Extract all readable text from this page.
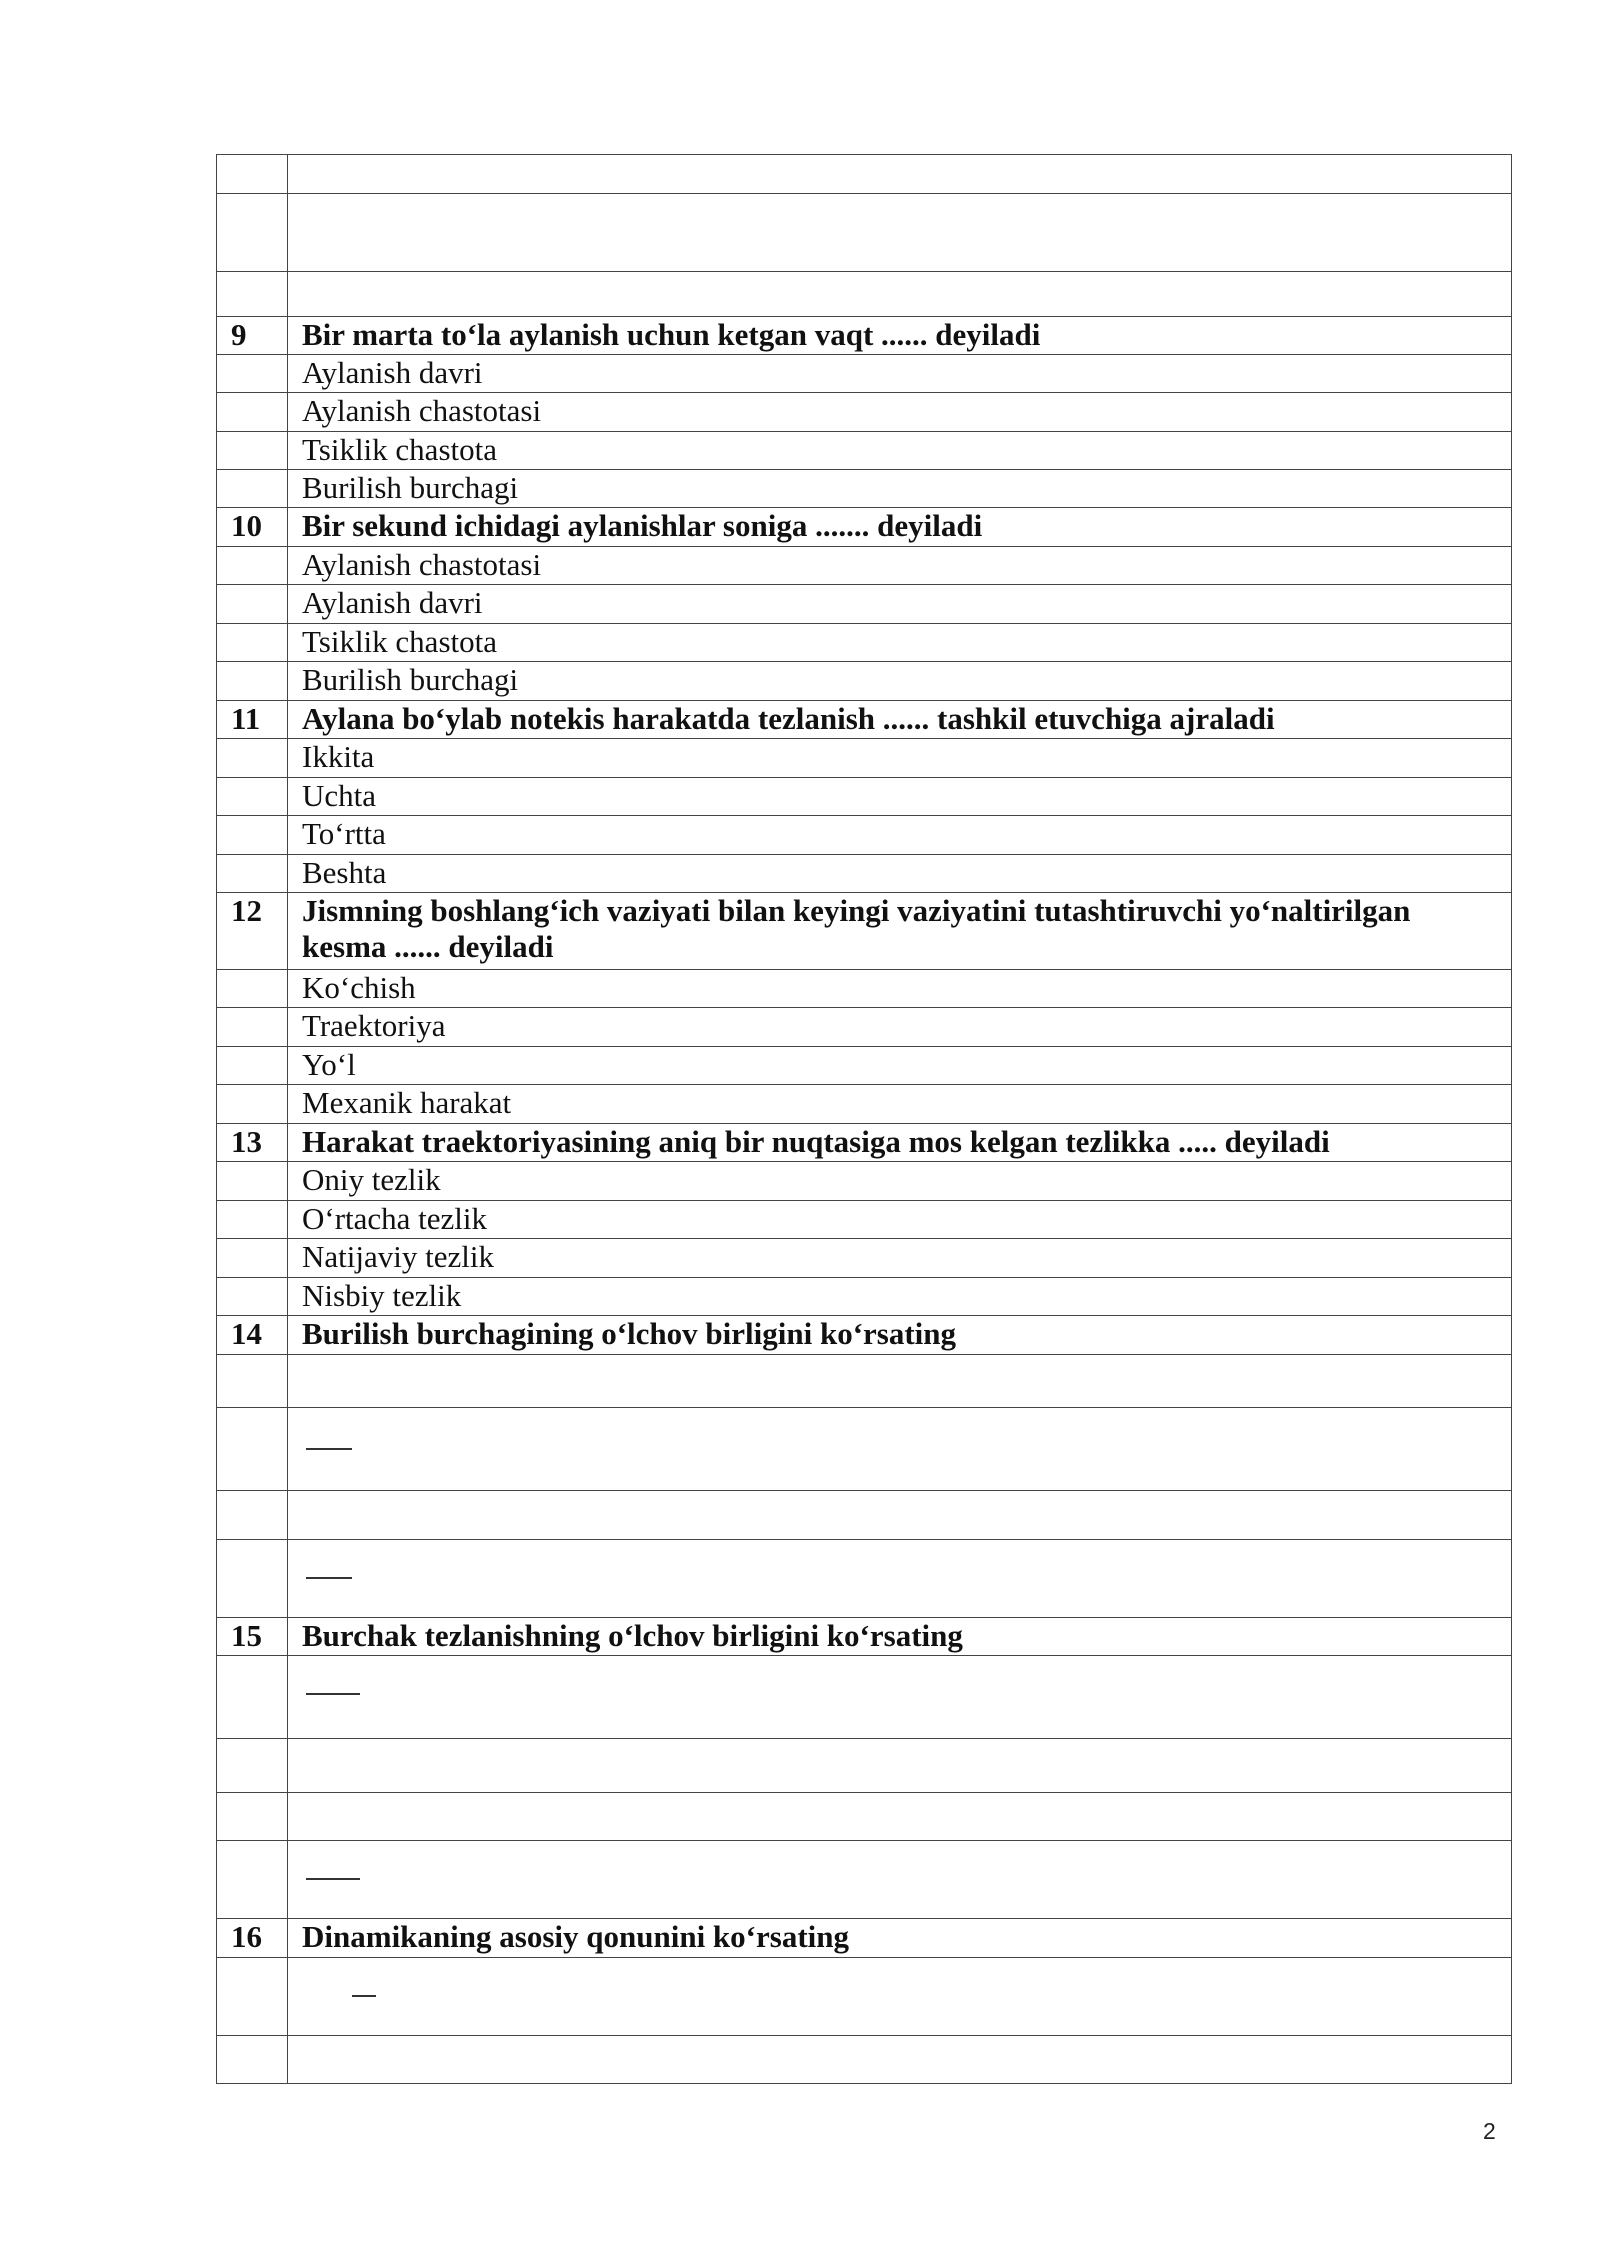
9	Bir marta to‘la aylanish uchun ketgan vaqt ...... deyiladi
	Aylanish davri
	Aylanish chastotasi
	Tsiklik chastota
	Burilish burchagi
10	Bir sekund ichidagi aylanishlar soniga ....... deyiladi
	Aylanish chastotasi
	Aylanish davri
	Tsiklik chastota
	Burilish burchagi
11	Aylana bo‘ylab notekis harakatda tezlanish ...... tashkil etuvchiga ajraladi
	Ikkita
	Uchta
	To‘rtta
	Beshta
12	Jismning boshlang‘ich vaziyati bilan keyingi vaziyatini tutashtiruvchi yo‘naltirilgan kesma ...... deyiladi
	Ko‘chish
	Traektoriya
	Yo‘l
	Mexanik harakat
13	Harakat traektoriyasining aniq bir nuqtasiga mos kelgan tezlikka ..... deyiladi
	Oniy tezlik
	O‘rtacha tezlik
	Natijaviy tezlik
	Nisbiy tezlik
14	Burilish burchagining o‘lchov birligini ko‘rsating

15	Burchak tezlanishning o‘lchov birligini ko‘rsating

16	Dinamikaning asosiy qonunini ko‘rsating

2
